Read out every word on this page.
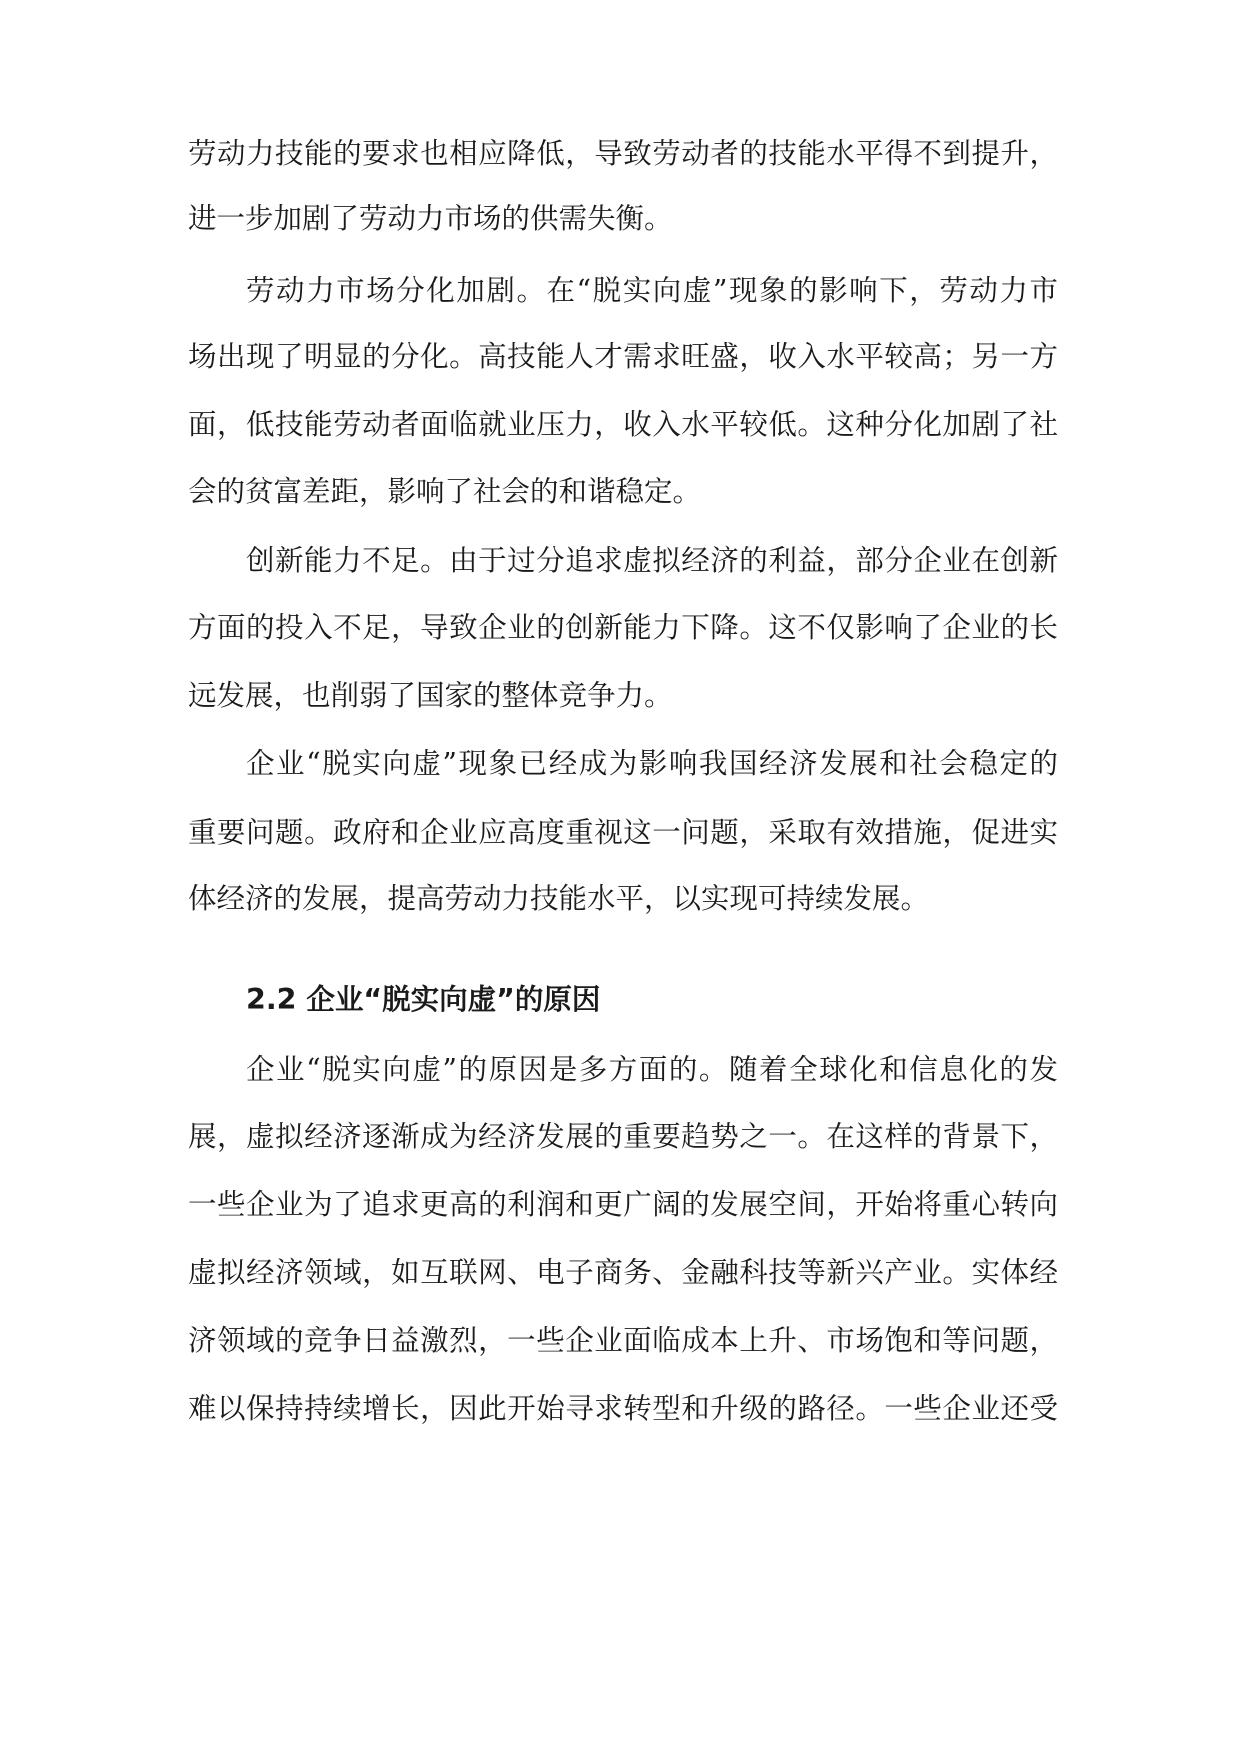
劳动力技能的要求也相应降低，导致劳动者的技能水平得不到提升，
进一步加剧了劳动力市场的供需失衡。
劳动力市场分化加剧。在“脱实向虚”现象的影响下，劳动力市
场出现了明显的分化。高技能人才需求旺盛，收入水平较高；另一方
面，低技能劳动者面临就业压力，收入水平较低。这种分化加剧了社
会的贫富差距，影响了社会的和谐稳定。
创新能力不足。由于过分追求虚拟经济的利益，部分企业在创新
方面的投入不足，导致企业的创新能力下降。这不仅影响了企业的长
远发展，也削弱了国家的整体竞争力。
企业“脱实向虚”现象已经成为影响我国经济发展和社会稳定的
重要问题。政府和企业应高度重视这一问题，采取有效措施，促进实
体经济的发展，提高劳动力技能水平，以实现可持续发展。
2.2 企业“脱实向虚”的原因
企业“脱实向虚”的原因是多方面的。随着全球化和信息化的发
展，虚拟经济逐渐成为经济发展的重要趋势之一。在这样的背景下，
一些企业为了追求更高的利润和更广阔的发展空间，开始将重心转向
虚拟经济领域，如互联网、电子商务、金融科技等新兴产业。实体经
济领域的竞争日益激烈，一些企业面临成本上升、市场饱和等问题，
难以保持持续增长，因此开始寻求转型和升级的路径。一些企业还受
